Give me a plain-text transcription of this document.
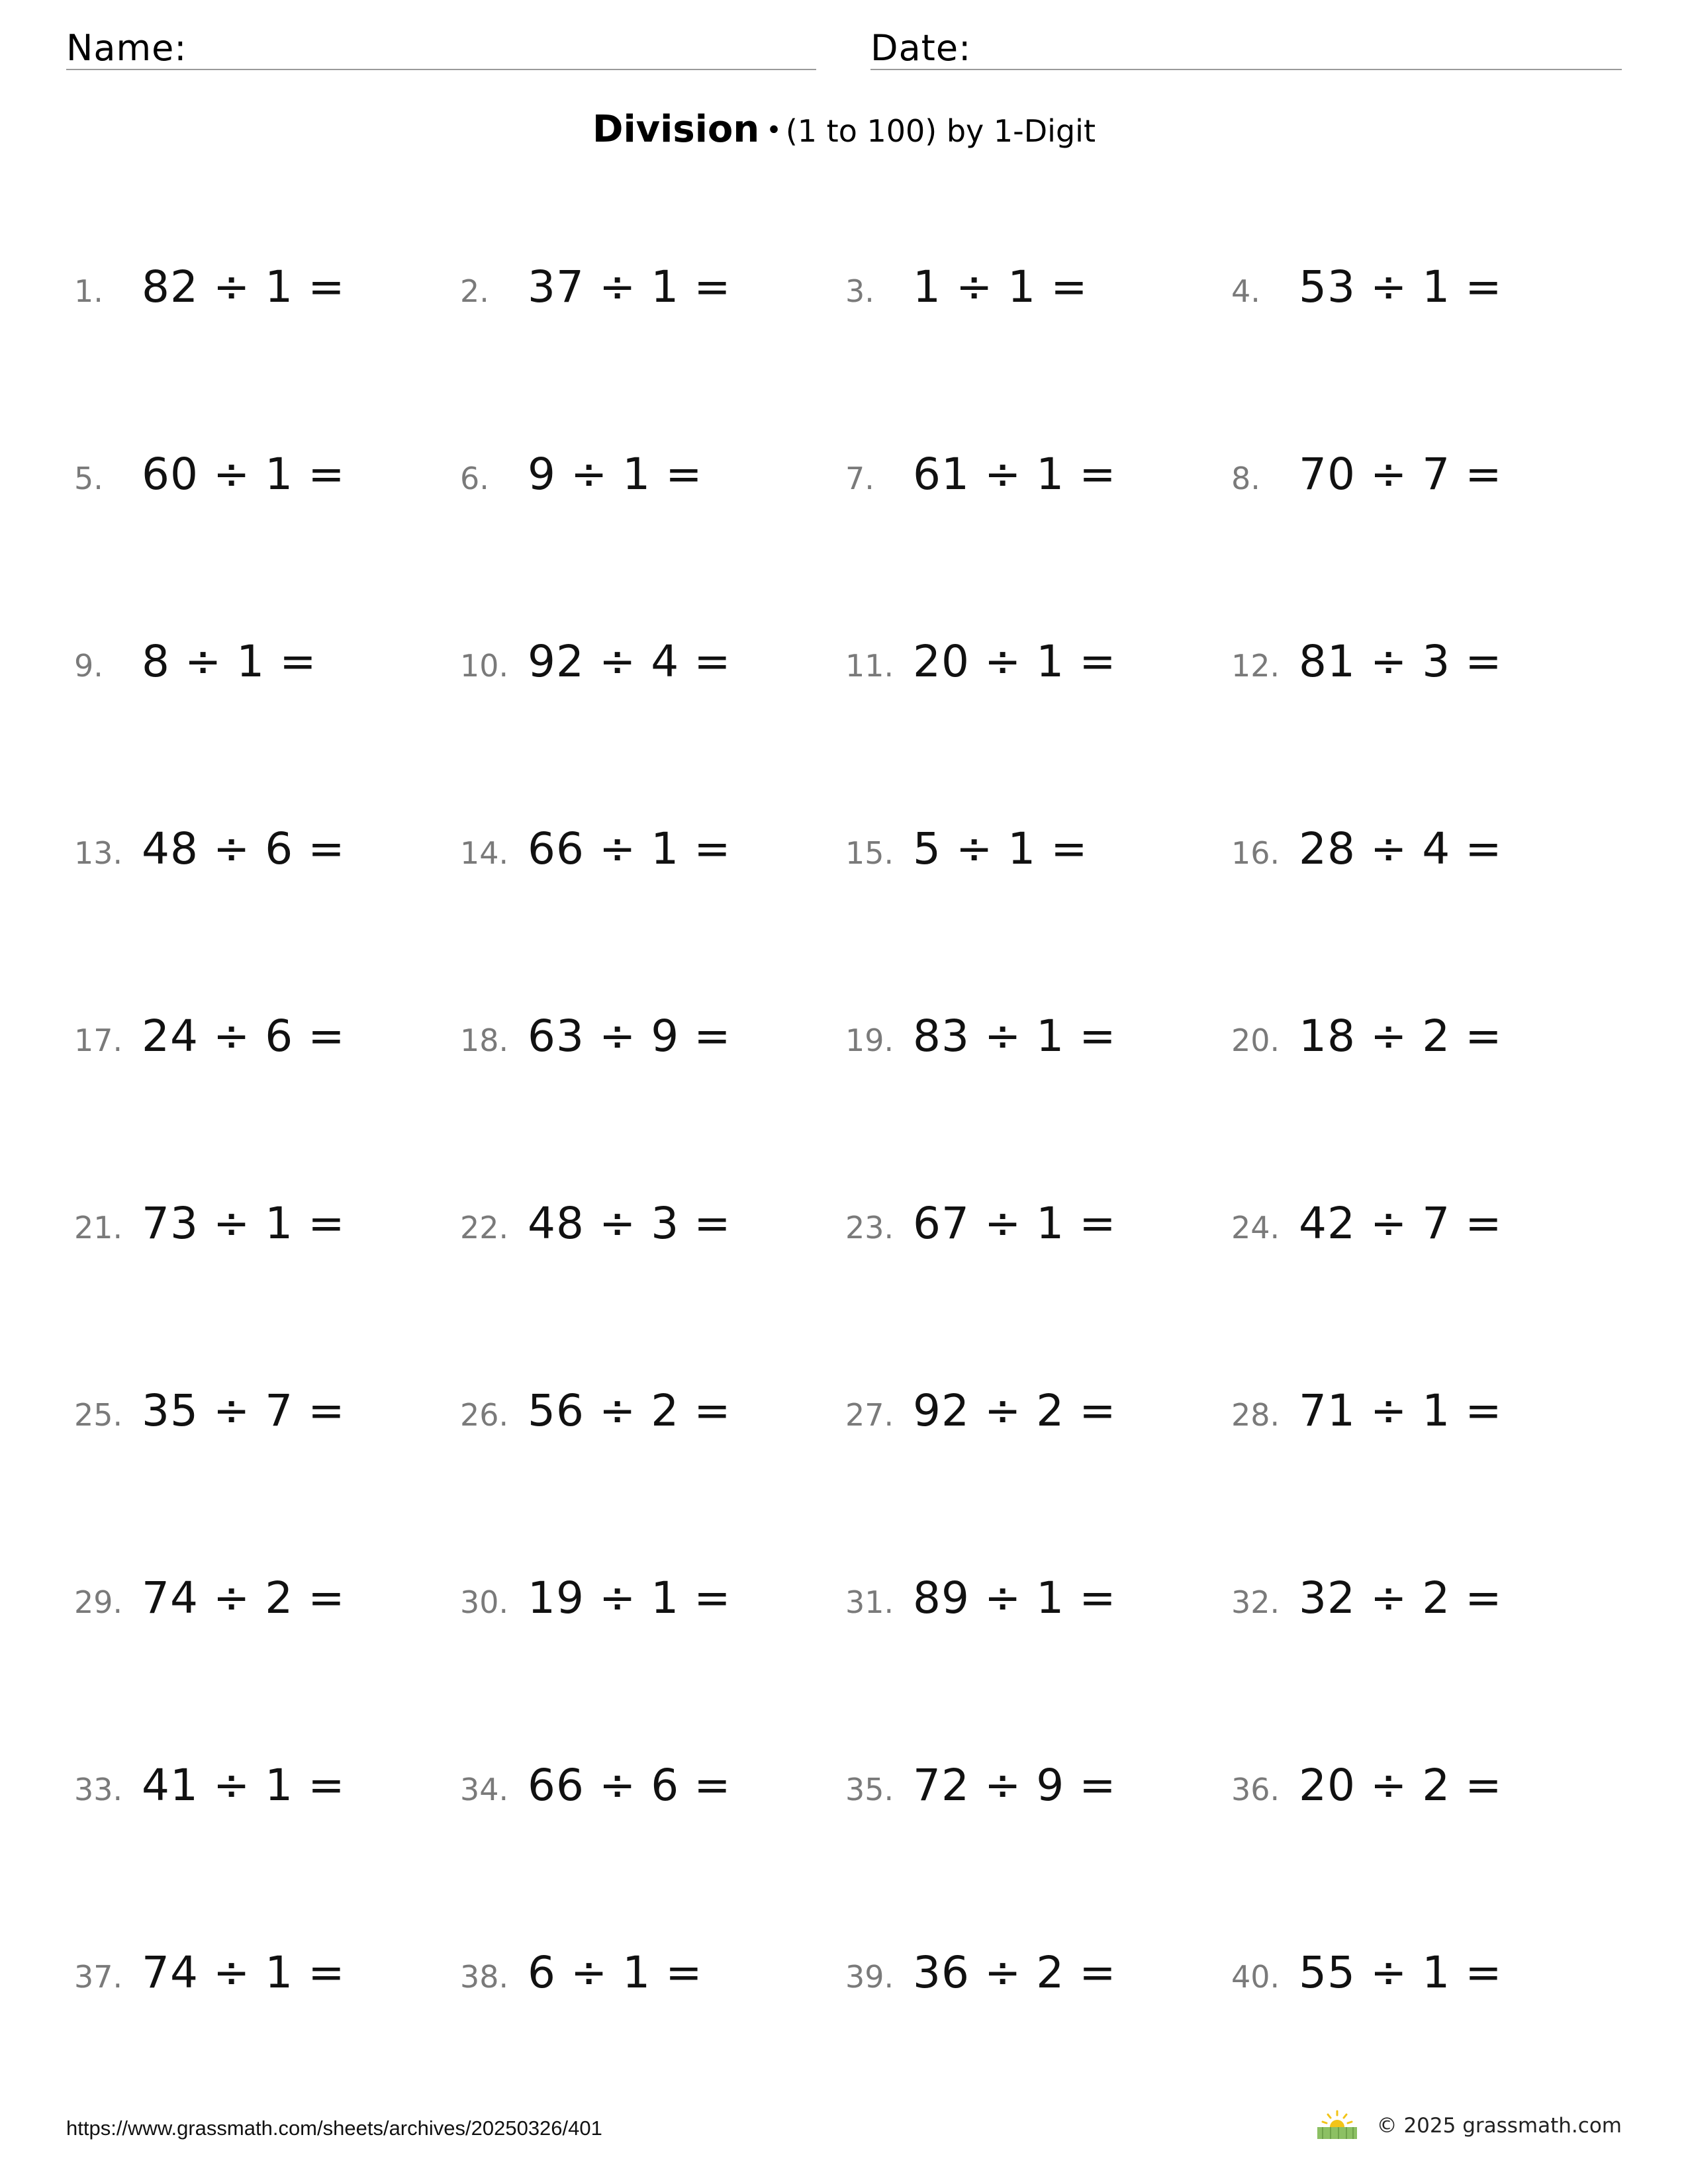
Name:	Date:
Division • (1 to 100) by 1-Digit
1. 82 ÷ 1 =	2. 37 ÷ 1 =	3. 1 ÷ 1 =	4. 53 ÷ 1 =
5. 60 ÷ 1 =	6. 9 ÷ 1 =	7. 61 ÷ 1 =	8. 70 ÷ 7 =
9. 8 ÷ 1 =	10. 92 ÷ 4 =	11. 20 ÷ 1 =	12. 81 ÷ 3 =
13. 48 ÷ 6 =	14. 66 ÷ 1 =	15. 5 ÷ 1 =	16. 28 ÷ 4 =
17. 24 ÷ 6 =	18. 63 ÷ 9 =	19. 83 ÷ 1 =	20. 18 ÷ 2 =
21. 73 ÷ 1 =	22. 48 ÷ 3 =	23. 67 ÷ 1 =	24. 42 ÷ 7 =
25. 35 ÷ 7 =	26. 56 ÷ 2 =	27. 92 ÷ 2 =	28. 71 ÷ 1 =
29. 74 ÷ 2 =	30. 19 ÷ 1 =	31. 89 ÷ 1 =	32. 32 ÷ 2 =
33. 41 ÷ 1 =	34. 66 ÷ 6 =	35. 72 ÷ 9 =	36. 20 ÷ 2 =
37. 74 ÷ 1 =	38. 6 ÷ 1 =	39. 36 ÷ 2 =	40. 55 ÷ 1 =
https://www.grassmath.com/sheets/archives/20250326/401	© 2025 grassmath.com
